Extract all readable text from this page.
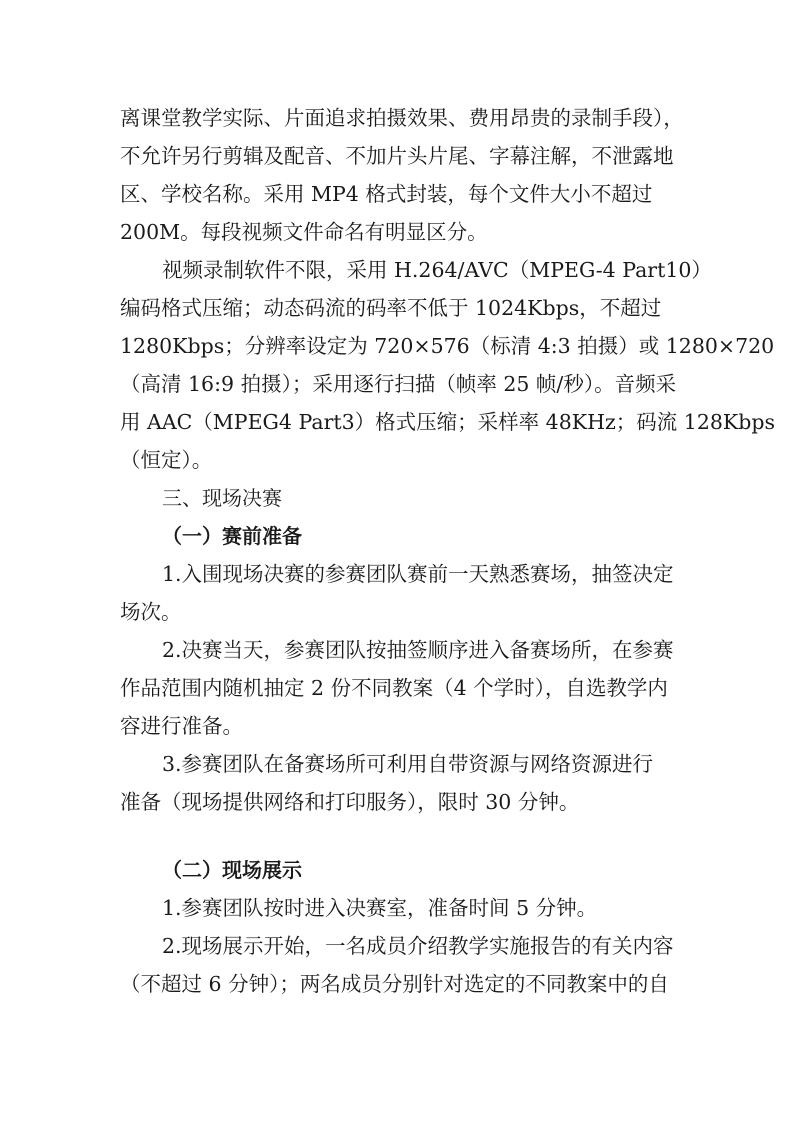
离课堂教学实际、片面追求拍摄效果、费用昂贵的录制手段），
不允许另行剪辑及配音、不加片头片尾、字幕注解，不泄露地
区、学校名称。采用 MP4 格式封装，每个文件大小不超过
200M。每段视频文件命名有明显区分。
视频录制软件不限，采用 H.264/AVC（MPEG-4 Part10）
编码格式压缩；动态码流的码率不低于 1024Kbps，不超过
1280Kbps；分辨率设定为 720×576（标清 4:3 拍摄）或 1280×720
（高清 16:9 拍摄）；采用逐行扫描（帧率 25 帧/秒）。音频采
用 AAC（MPEG4 Part3）格式压缩；采样率 48KHz；码流 128Kbps
（恒定）。
三、现场决赛
（一）赛前准备
1.入围现场决赛的参赛团队赛前一天熟悉赛场，抽签决定
场次。
2.决赛当天，参赛团队按抽签顺序进入备赛场所，在参赛
作品范围内随机抽定 2 份不同教案（4 个学时），自选教学内
容进行准备。
3.参赛团队在备赛场所可利用自带资源与网络资源进行
准备（现场提供网络和打印服务），限时 30 分钟。
（二）现场展示
1.参赛团队按时进入决赛室，准备时间 5 分钟。
2.现场展示开始，一名成员介绍教学实施报告的有关内容
（不超过 6 分钟）；两名成员分别针对选定的不同教案中的自
